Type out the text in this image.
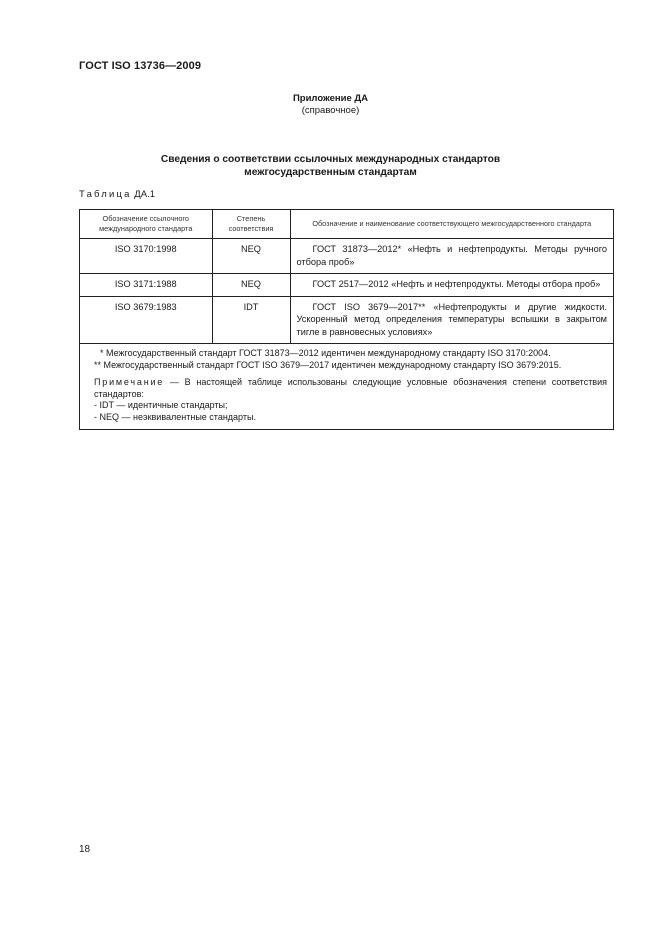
ГОСТ ISO 13736—2009
Приложение ДА
(справочное)
Сведения о соответствии ссылочных международных стандартов
межгосударственным стандартам
Таблица ДА.1
Обозначение ссылочного международного стандарта	Степень соответствия	Обозначение и наименование соответствующего межгосударственного стандарта
ISO 3170:1998	NEQ	ГОСТ 31873—2012* «Нефть и нефтепродукты. Методы ручного отбора проб»
ISO 3171:1988	NEQ	ГОСТ 2517—2012 «Нефть и нефтепродукты. Методы отбора проб»
ISO 3679:1983	IDT	ГОСТ ISO 3679—2017** «Нефтепродукты и другие жидкости. Ускоренный метод определения температуры вспышки в закрытом тигле в равновесных условиях»
* Межгосударственный стандарт ГОСТ 31873—2012 идентичен международному стандарту ISO 3170:2004.
** Межгосударственный стандарт ГОСТ ISO 3679—2017 идентичен международному стандарту ISO 3679:2015.
Примечание — В настоящей таблице использованы следующие условные обозначения степени соответствия стандартов:
- IDT — идентичные стандарты;
- NEQ — неэквивалентные стандарты.
18
